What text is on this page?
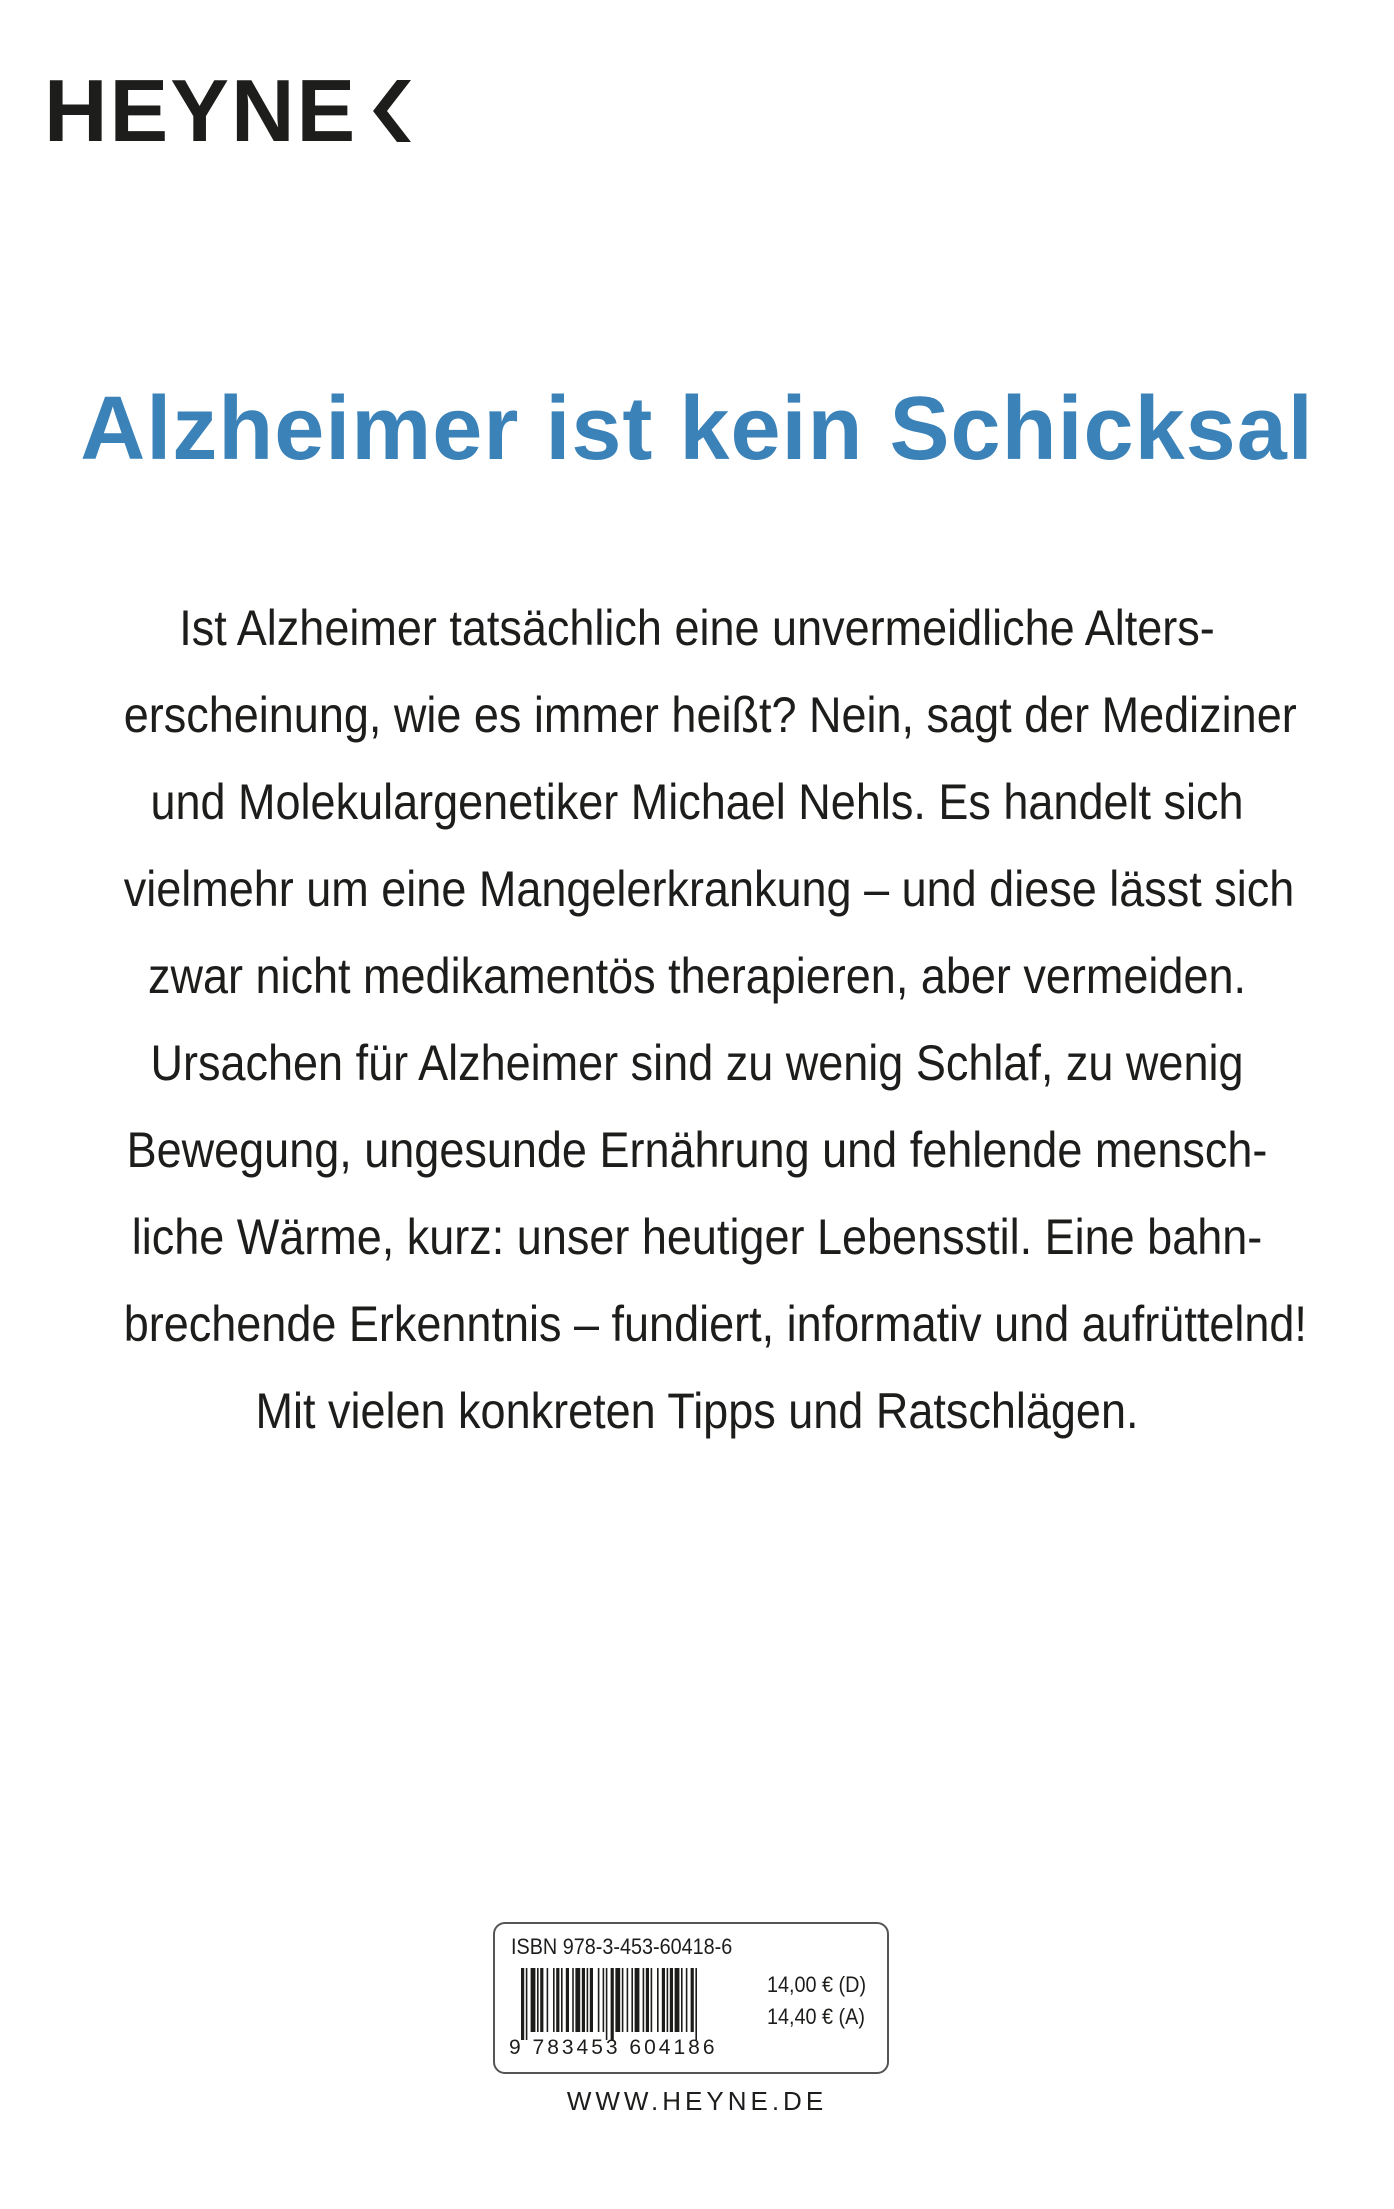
HEYNE
Alzheimer ist kein Schicksal
Ist Alzheimer tatsächlich eine unvermeidliche Alters-
erscheinung, wie es immer heißt? Nein, sagt der Mediziner
und Molekulargenetiker Michael Nehls. Es handelt sich
vielmehr um eine Mangelerkrankung – und diese lässt sich
zwar nicht medikamentös therapieren, aber vermeiden.
Ursachen für Alzheimer sind zu wenig Schlaf, zu wenig
Bewegung, ungesunde Ernährung und fehlende mensch-
liche Wärme, kurz: unser heutiger Lebensstil. Eine bahn-
brechende Erkenntnis – fundiert, informativ und aufrüttelnd!
Mit vielen konkreten Tipps und Ratschlägen.
ISBN 978-3-453-60418-6
9 783453 604186
14,00 € (D)
14,40 € (A)
WWW.HEYNE.DE
